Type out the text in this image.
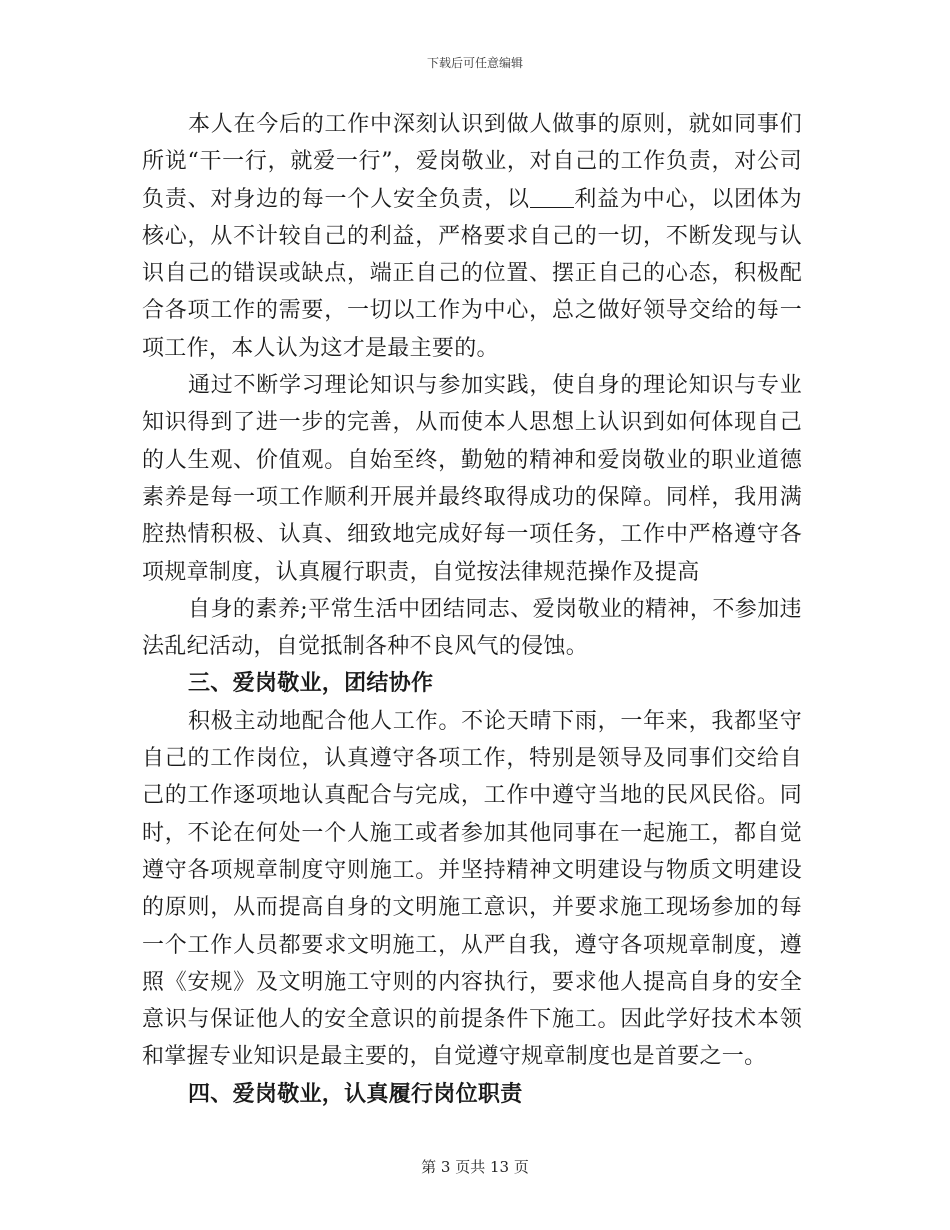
下载后可任意编辑

本人在今后的工作中深刻认识到做人做事的原则，就如同事们所说“干一行，就爱一行”，爱岗敬业，对自己的工作负责，对公司负责、对身边的每一个人安全负责，以 利益为中心，以团体为核心，从不计较自己的利益，严格要求自己的一切，不断发现与认识自己的错误或缺点，端正自己的位置、摆正自己的心态，积极配合各项工作的需要，一切以工作为中心，总之做好领导交给的每一项工作，本人认为这才是最主要的。

通过不断学习理论知识与参加实践，使自身的理论知识与专业知识得到了进一步的完善，从而使本人思想上认识到如何体现自己的人生观、价值观。自始至终，勤勉的精神和爱岗敬业的职业道德素养是每一项工作顺利开展并最终取得成功的保障。同样，我用满腔热情积极、认真、细致地完成好每一项任务，工作中严格遵守各项规章制度，认真履行职责，自觉按法律规范操作及提高

自身的素养;平常生活中团结同志、爱岗敬业的精神，不参加违法乱纪活动，自觉抵制各种不良风气的侵蚀。

三、爱岗敬业，团结协作

积极主动地配合他人工作。不论天晴下雨，一年来，我都坚守自己的工作岗位，认真遵守各项工作，特别是领导及同事们交给自己的工作逐项地认真配合与完成，工作中遵守当地的民风民俗。同时，不论在何处一个人施工或者参加其他同事在一起施工，都自觉遵守各项规章制度守则施工。并坚持精神文明建设与物质文明建设的原则，从而提高自身的文明施工意识，并要求施工现场参加的每一个工作人员都要求文明施工，从严自我，遵守各项规章制度，遵照《安规》及文明施工守则的内容执行，要求他人提高自身的安全意识与保证他人的安全意识的前提条件下施工。因此学好技术本领和掌握专业知识是最主要的，自觉遵守规章制度也是首要之一。

四、爱岗敬业，认真履行岗位职责

第 3 页共 13 页
